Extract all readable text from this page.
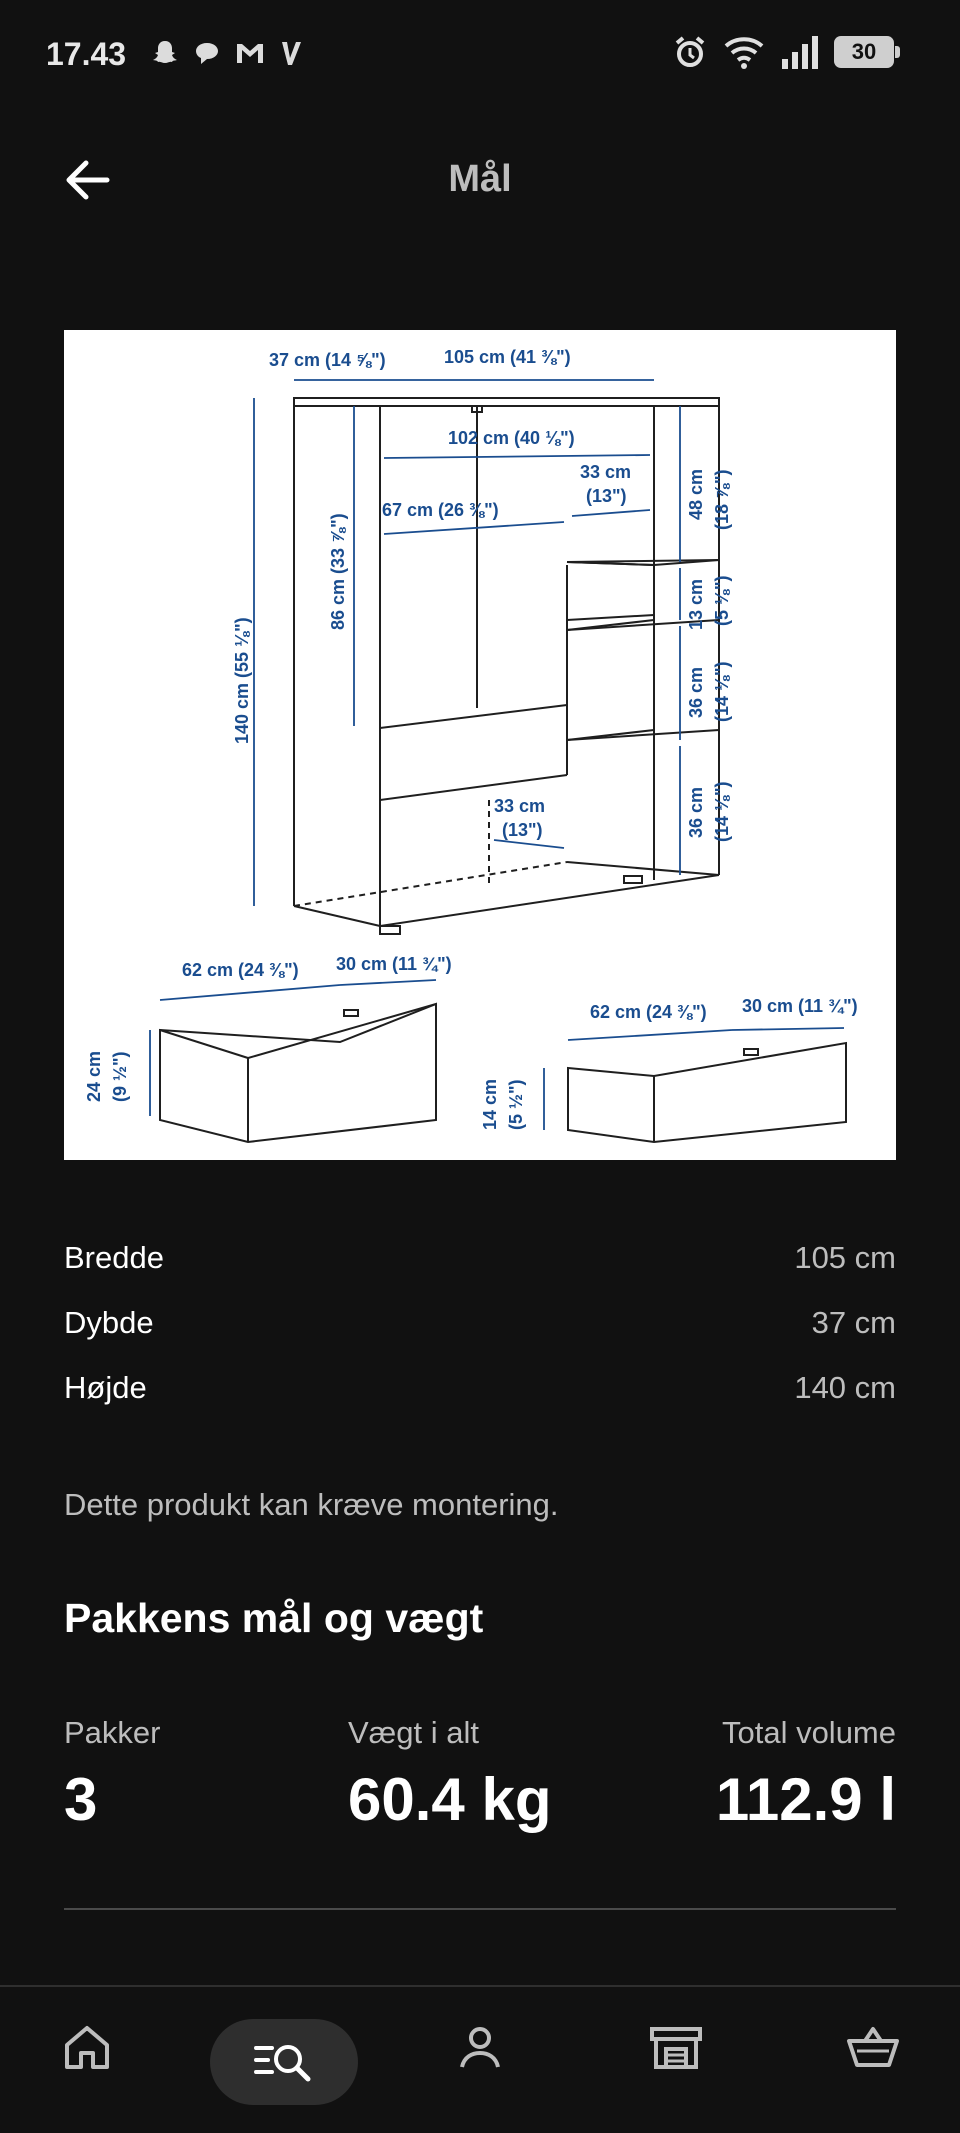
17.43	30
Mål
37 cm (14 ⅝")	105 cm (41 ⅜")
102 cm (40 ⅛")
33 cm
(13")
67 cm (26 ⅜")
33 cm
(13")
140 cm (55 ⅛")
86 cm (33 ⅞")
48 cm (18 ⅞")
13 cm (5 ⅛")
36 cm (14 ⅛")
36 cm (14 ⅛")
62 cm (24 ⅜") 30 cm (11 ¾")
24 cm (9 ½")
62 cm (24 ⅜") 30 cm (11 ¾")
14 cm (5 ½")
Bredde	105 cm
Dybde	37 cm
Højde	140 cm
Dette produkt kan kræve montering.
Pakkens mål og vægt
Pakker
3
Vægt i alt
60.4 kg
Total volume
112.9 l
